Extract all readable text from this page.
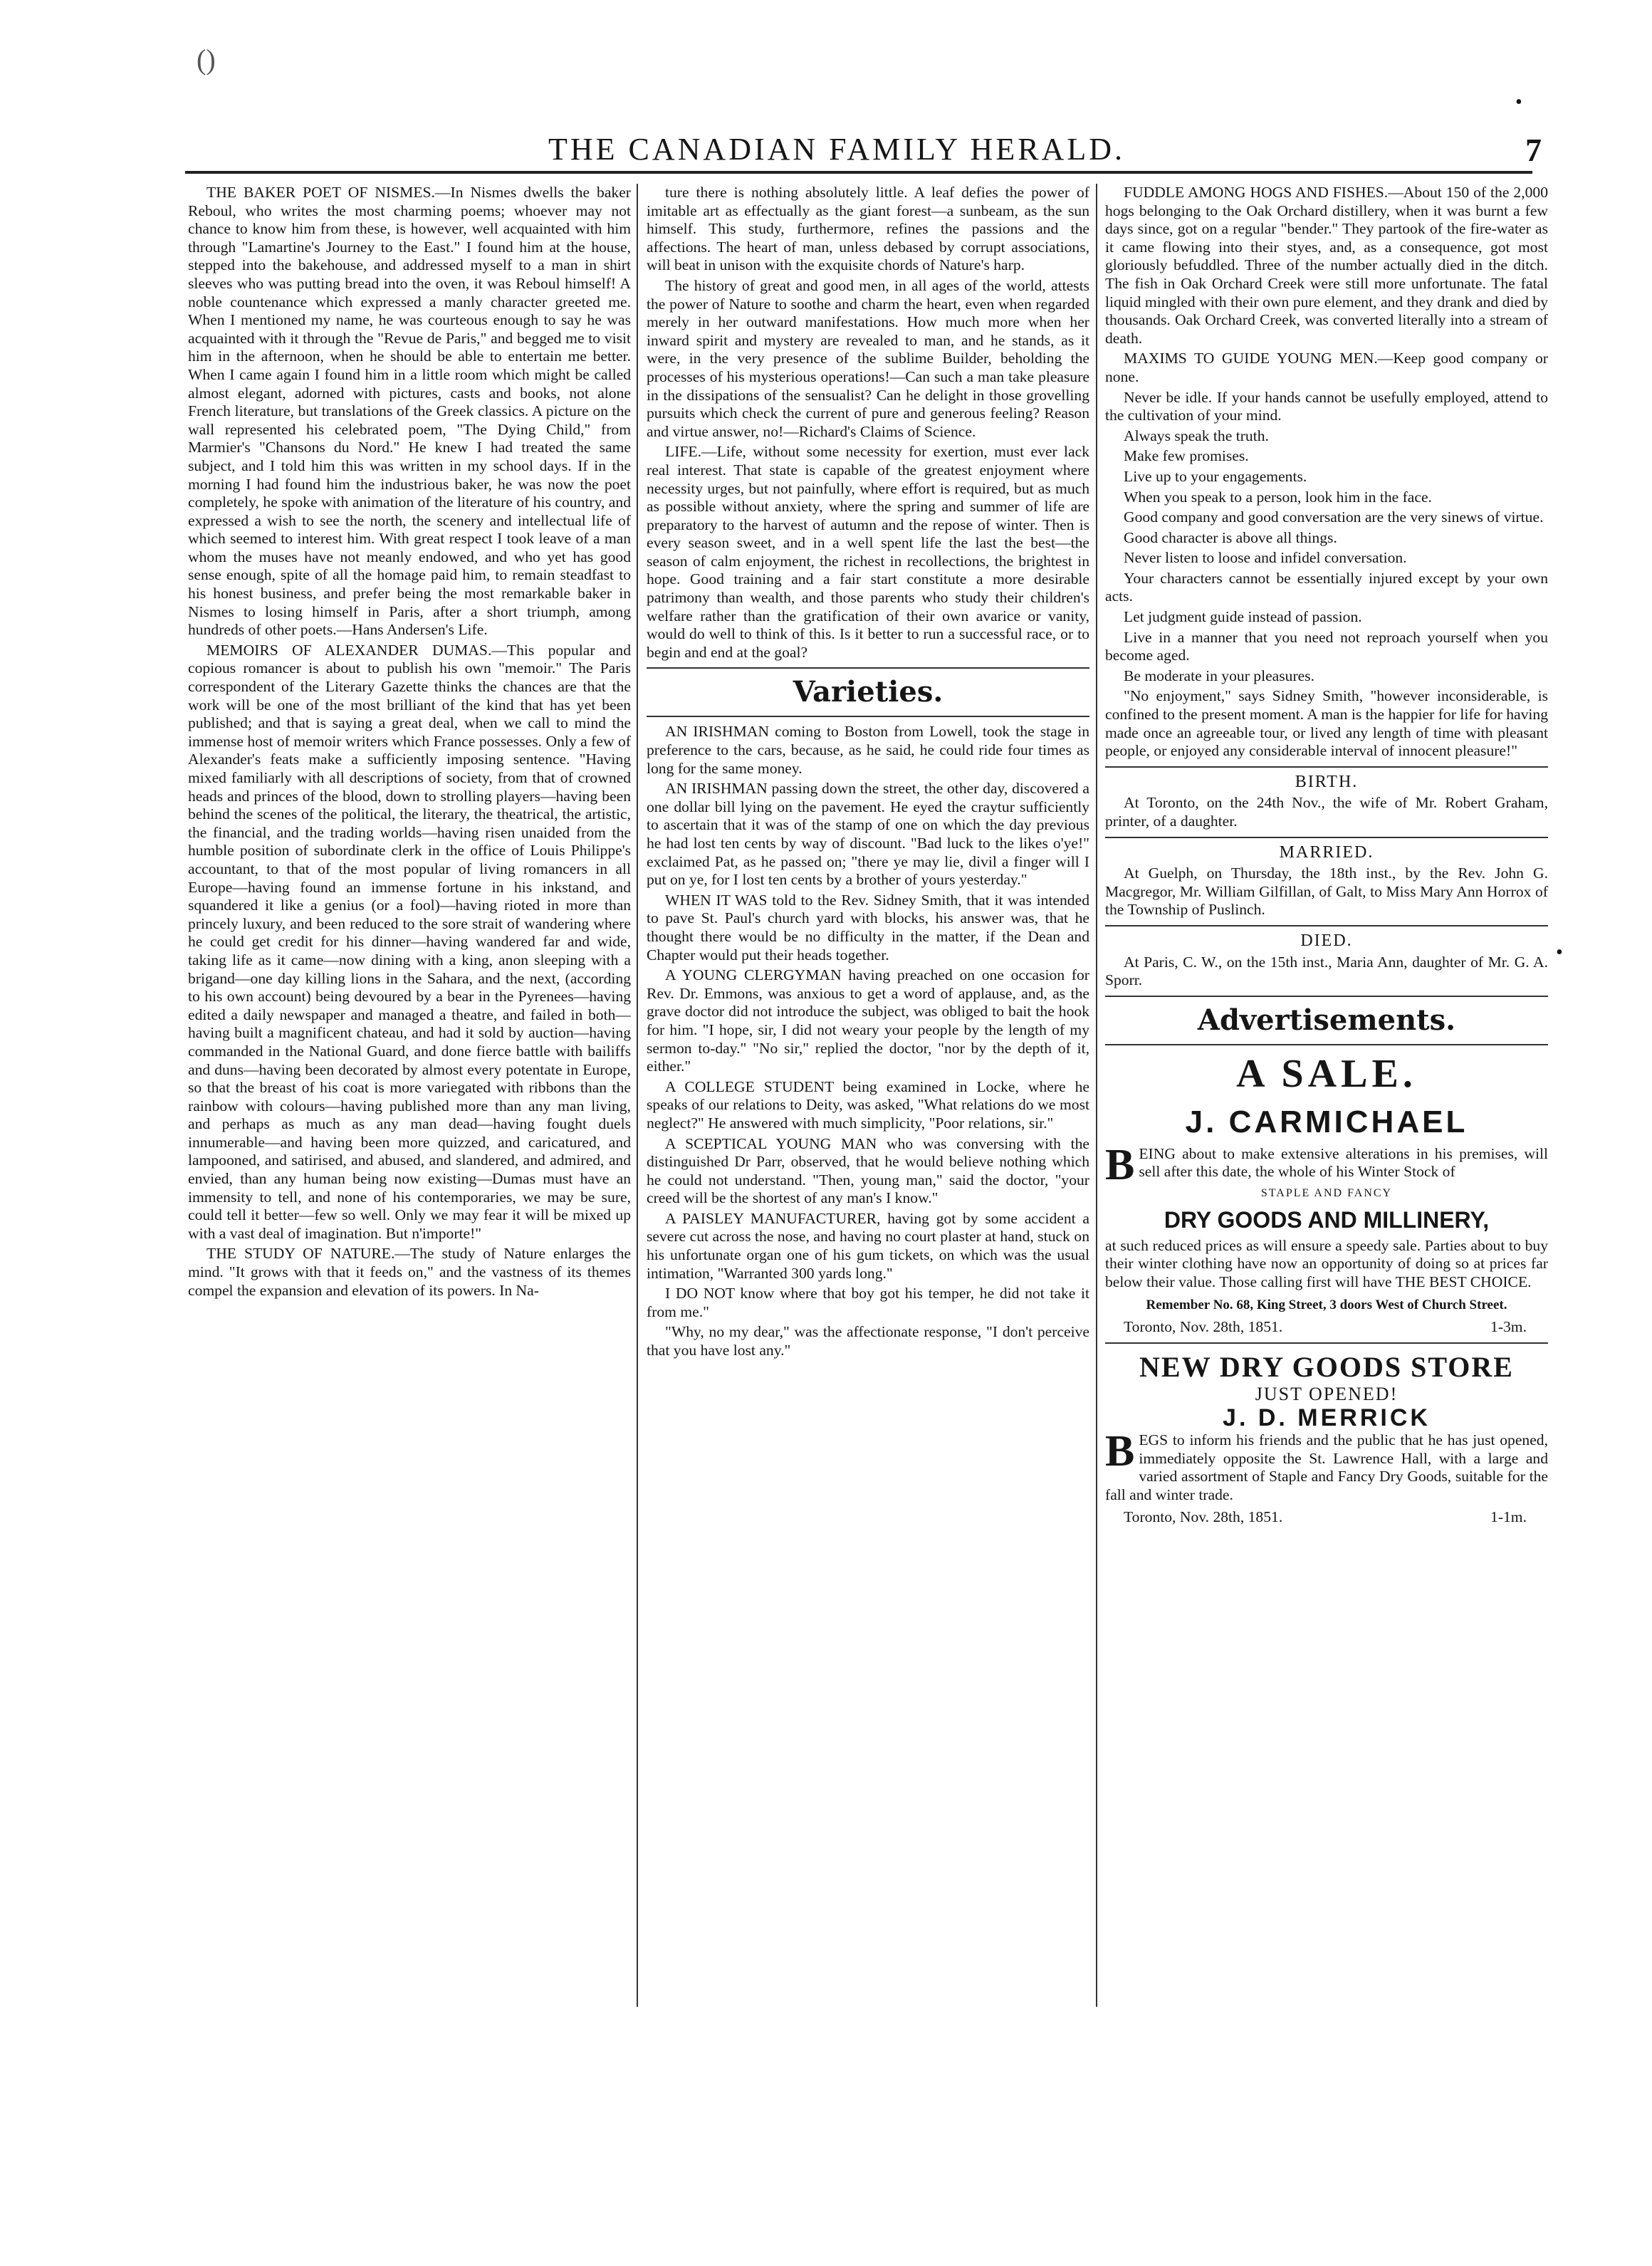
()
•
•
THE CANADIAN FAMILY HERALD.	7

THE BAKER POET OF NISMES.—In Nismes dwells the baker Reboul, who writes the most charming poems; whoever may not chance to know him from these, is however, well acquainted with him through "Lamartine's Journey to the East." I found him at the house, stepped into the bakehouse, and addressed myself to a man in shirt sleeves who was putting bread into the oven, it was Reboul himself! A noble countenance which expressed a manly character greeted me. When I mentioned my name, he was courteous enough to say he was acquainted with it through the "Revue de Paris," and begged me to visit him in the afternoon, when he should be able to entertain me better. When I came again I found him in a little room which might be called almost elegant, adorned with pictures, casts and books, not alone French literature, but translations of the Greek classics. A picture on the wall represented his celebrated poem, "The Dying Child," from Marmier's "Chansons du Nord." He knew I had treated the same subject, and I told him this was written in my school days. If in the morning I had found him the industrious baker, he was now the poet completely, he spoke with animation of the literature of his country, and expressed a wish to see the north, the scenery and intellectual life of which seemed to interest him. With great respect I took leave of a man whom the muses have not meanly endowed, and who yet has good sense enough, spite of all the homage paid him, to remain steadfast to his honest business, and prefer being the most remarkable baker in Nismes to losing himself in Paris, after a short triumph, among hundreds of other poets.—Hans Andersen's Life.

MEMOIRS OF ALEXANDER DUMAS.—This popular and copious romancer is about to publish his own "memoir." The Paris correspondent of the Literary Gazette thinks the chances are that the work will be one of the most brilliant of the kind that has yet been published; and that is saying a great deal, when we call to mind the immense host of memoir writers which France possesses. Only a few of Alexander's feats make a sufficiently imposing sentence. "Having mixed familiarly with all descriptions of society, from that of crowned heads and princes of the blood, down to strolling players—having been behind the scenes of the political, the literary, the theatrical, the artistic, the financial, and the trading worlds—having risen unaided from the humble position of subordinate clerk in the office of Louis Philippe's accountant, to that of the most popular of living romancers in all Europe—having found an immense fortune in his inkstand, and squandered it like a genius (or a fool)—having rioted in more than princely luxury, and been reduced to the sore strait of wandering where he could get credit for his dinner—having wandered far and wide, taking life as it came—now dining with a king, anon sleeping with a brigand—one day killing lions in the Sahara, and the next, (according to his own account) being devoured by a bear in the Pyrenees—having edited a daily newspaper and managed a theatre, and failed in both—having built a magnificent chateau, and had it sold by auction—having commanded in the National Guard, and done fierce battle with bailiffs and duns—having been decorated by almost every potentate in Europe, so that the breast of his coat is more variegated with ribbons than the rainbow with colours—having published more than any man living, and perhaps as much as any man dead—having fought duels innumerable—and having been more quizzed, and caricatured, and lampooned, and satirised, and abused, and slandered, and admired, and envied, than any human being now existing—Dumas must have an immensity to tell, and none of his contemporaries, we may be sure, could tell it better—few so well. Only we may fear it will be mixed up with a vast deal of imagination. But n'importe!"

THE STUDY OF NATURE.—The study of Nature enlarges the mind. "It grows with that it feeds on," and the vastness of its themes compel the expansion and elevation of its powers. In Na-

ture there is nothing absolutely little. A leaf defies the power of imitable art as effectually as the giant forest—a sunbeam, as the sun himself. This study, furthermore, refines the passions and the affections. The heart of man, unless debased by corrupt associations, will beat in unison with the exquisite chords of Nature's harp.

The history of great and good men, in all ages of the world, attests the power of Nature to soothe and charm the heart, even when regarded merely in her outward manifestations. How much more when her inward spirit and mystery are revealed to man, and he stands, as it were, in the very presence of the sublime Builder, beholding the processes of his mysterious operations!—Can such a man take pleasure in the dissipations of the sensualist? Can he delight in those grovelling pursuits which check the current of pure and generous feeling? Reason and virtue answer, no!—Richard's Claims of Science.

LIFE.—Life, without some necessity for exertion, must ever lack real interest. That state is capable of the greatest enjoyment where necessity urges, but not painfully, where effort is required, but as much as possible without anxiety, where the spring and summer of life are preparatory to the harvest of autumn and the repose of winter. Then is every season sweet, and in a well spent life the last the best—the season of calm enjoyment, the richest in recollections, the brightest in hope. Good training and a fair start constitute a more desirable patrimony than wealth, and those parents who study their children's welfare rather than the gratification of their own avarice or vanity, would do well to think of this. Is it better to run a successful race, or to begin and end at the goal?

Varieties.

AN IRISHMAN coming to Boston from Lowell, took the stage in preference to the cars, because, as he said, he could ride four times as long for the same money.

AN IRISHMAN passing down the street, the other day, discovered a one dollar bill lying on the pavement. He eyed the craytur sufficiently to ascertain that it was of the stamp of one on which the day previous he had lost ten cents by way of discount. "Bad luck to the likes o'ye!" exclaimed Pat, as he passed on; "there ye may lie, divil a finger will I put on ye, for I lost ten cents by a brother of yours yesterday."

WHEN IT WAS told to the Rev. Sidney Smith, that it was intended to pave St. Paul's church yard with blocks, his answer was, that he thought there would be no difficulty in the matter, if the Dean and Chapter would put their heads together.

A YOUNG CLERGYMAN having preached on one occasion for Rev. Dr. Emmons, was anxious to get a word of applause, and, as the grave doctor did not introduce the subject, was obliged to bait the hook for him. "I hope, sir, I did not weary your people by the length of my sermon to-day." "No sir," replied the doctor, "nor by the depth of it, either."

A COLLEGE STUDENT being examined in Locke, where he speaks of our relations to Deity, was asked, "What relations do we most neglect?" He answered with much simplicity, "Poor relations, sir."

A SCEPTICAL YOUNG MAN who was conversing with the distinguished Dr Parr, observed, that he would believe nothing which he could not understand. "Then, young man," said the doctor, "your creed will be the shortest of any man's I know."

A PAISLEY MANUFACTURER, having got by some accident a severe cut across the nose, and having no court plaster at hand, stuck on his unfortunate organ one of his gum tickets, on which was the usual intimation, "Warranted 300 yards long."

I DO NOT know where that boy got his temper, he did not take it from me."

"Why, no my dear," was the affectionate response, "I don't perceive that you have lost any."

FUDDLE AMONG HOGS AND FISHES.—About 150 of the 2,000 hogs belonging to the Oak Orchard distillery, when it was burnt a few days since, got on a regular "bender." They partook of the fire-water as it came flowing into their styes, and, as a consequence, got most gloriously befuddled. Three of the number actually died in the ditch. The fish in Oak Orchard Creek were still more unfortunate. The fatal liquid mingled with their own pure element, and they drank and died by thousands. Oak Orchard Creek, was converted literally into a stream of death.

MAXIMS TO GUIDE YOUNG MEN.—Keep good company or none.

Never be idle. If your hands cannot be usefully employed, attend to the cultivation of your mind.

Always speak the truth.

Make few promises.

Live up to your engagements.

When you speak to a person, look him in the face.

Good company and good conversation are the very sinews of virtue.

Good character is above all things.

Never listen to loose and infidel conversation.

Your characters cannot be essentially injured except by your own acts.

Let judgment guide instead of passion.

Live in a manner that you need not reproach yourself when you become aged.

Be moderate in your pleasures.

"No enjoyment," says Sidney Smith, "however inconsiderable, is confined to the present moment. A man is the happier for life for having made once an agreeable tour, or lived any length of time with pleasant people, or enjoyed any considerable interval of innocent pleasure!"

BIRTH.

At Toronto, on the 24th Nov., the wife of Mr. Robert Graham, printer, of a daughter.

MARRIED.

At Guelph, on Thursday, the 18th inst., by the Rev. John G. Macgregor, Mr. William Gilfillan, of Galt, to Miss Mary Ann Horrox of the Township of Puslinch.

DIED.

At Paris, C. W., on the 15th inst., Maria Ann, daughter of Mr. G. A. Sporr.

Advertisements.
A SALE.
J. CARMICHAEL
B EING about to make extensive alterations in his premises, will sell after this date, the whole of his Winter Stock of
STAPLE AND FANCY
DRY GOODS AND MILLINERY,

at such reduced prices as will ensure a speedy sale. Parties about to buy their winter clothing have now an opportunity of doing so at prices far below their value. Those calling first will have THE BEST CHOICE.

Remember No. 68, King Street, 3 doors West of Church Street.
Toronto, Nov. 28th, 1851.	1-3m.
NEW DRY GOODS STORE
JUST OPENED!
J. D. MERRICK
B EGS to inform his friends and the public that he has just opened, immediately opposite the St. Lawrence Hall, with a large and varied assortment of Staple and Fancy Dry Goods, suitable for the fall and winter trade.
Toronto, Nov. 28th, 1851.	1-1m.
